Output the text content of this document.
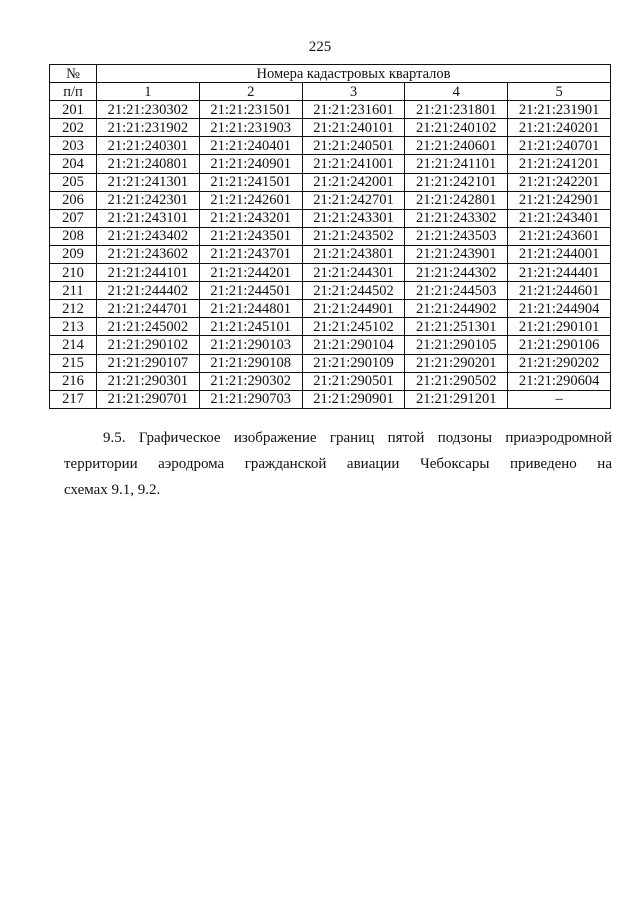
225
№	Номера кадастровых кварталов				
п/п	1	2	3	4	5
201	21:21:230302	21:21:231501	21:21:231601	21:21:231801	21:21:231901
202	21:21:231902	21:21:231903	21:21:240101	21:21:240102	21:21:240201
203	21:21:240301	21:21:240401	21:21:240501	21:21:240601	21:21:240701
204	21:21:240801	21:21:240901	21:21:241001	21:21:241101	21:21:241201
205	21:21:241301	21:21:241501	21:21:242001	21:21:242101	21:21:242201
206	21:21:242301	21:21:242601	21:21:242701	21:21:242801	21:21:242901
207	21:21:243101	21:21:243201	21:21:243301	21:21:243302	21:21:243401
208	21:21:243402	21:21:243501	21:21:243502	21:21:243503	21:21:243601
209	21:21:243602	21:21:243701	21:21:243801	21:21:243901	21:21:244001
210	21:21:244101	21:21:244201	21:21:244301	21:21:244302	21:21:244401
211	21:21:244402	21:21:244501	21:21:244502	21:21:244503	21:21:244601
212	21:21:244701	21:21:244801	21:21:244901	21:21:244902	21:21:244904
213	21:21:245002	21:21:245101	21:21:245102	21:21:251301	21:21:290101
214	21:21:290102	21:21:290103	21:21:290104	21:21:290105	21:21:290106
215	21:21:290107	21:21:290108	21:21:290109	21:21:290201	21:21:290202
216	21:21:290301	21:21:290302	21:21:290501	21:21:290502	21:21:290604
217	21:21:290701	21:21:290703	21:21:290901	21:21:291201	–
9.5. Графическое изображение границ пятой подзоны приаэродромной
территории аэродрома гражданской авиации Чебоксары приведено на
схемах 9.1, 9.2.
